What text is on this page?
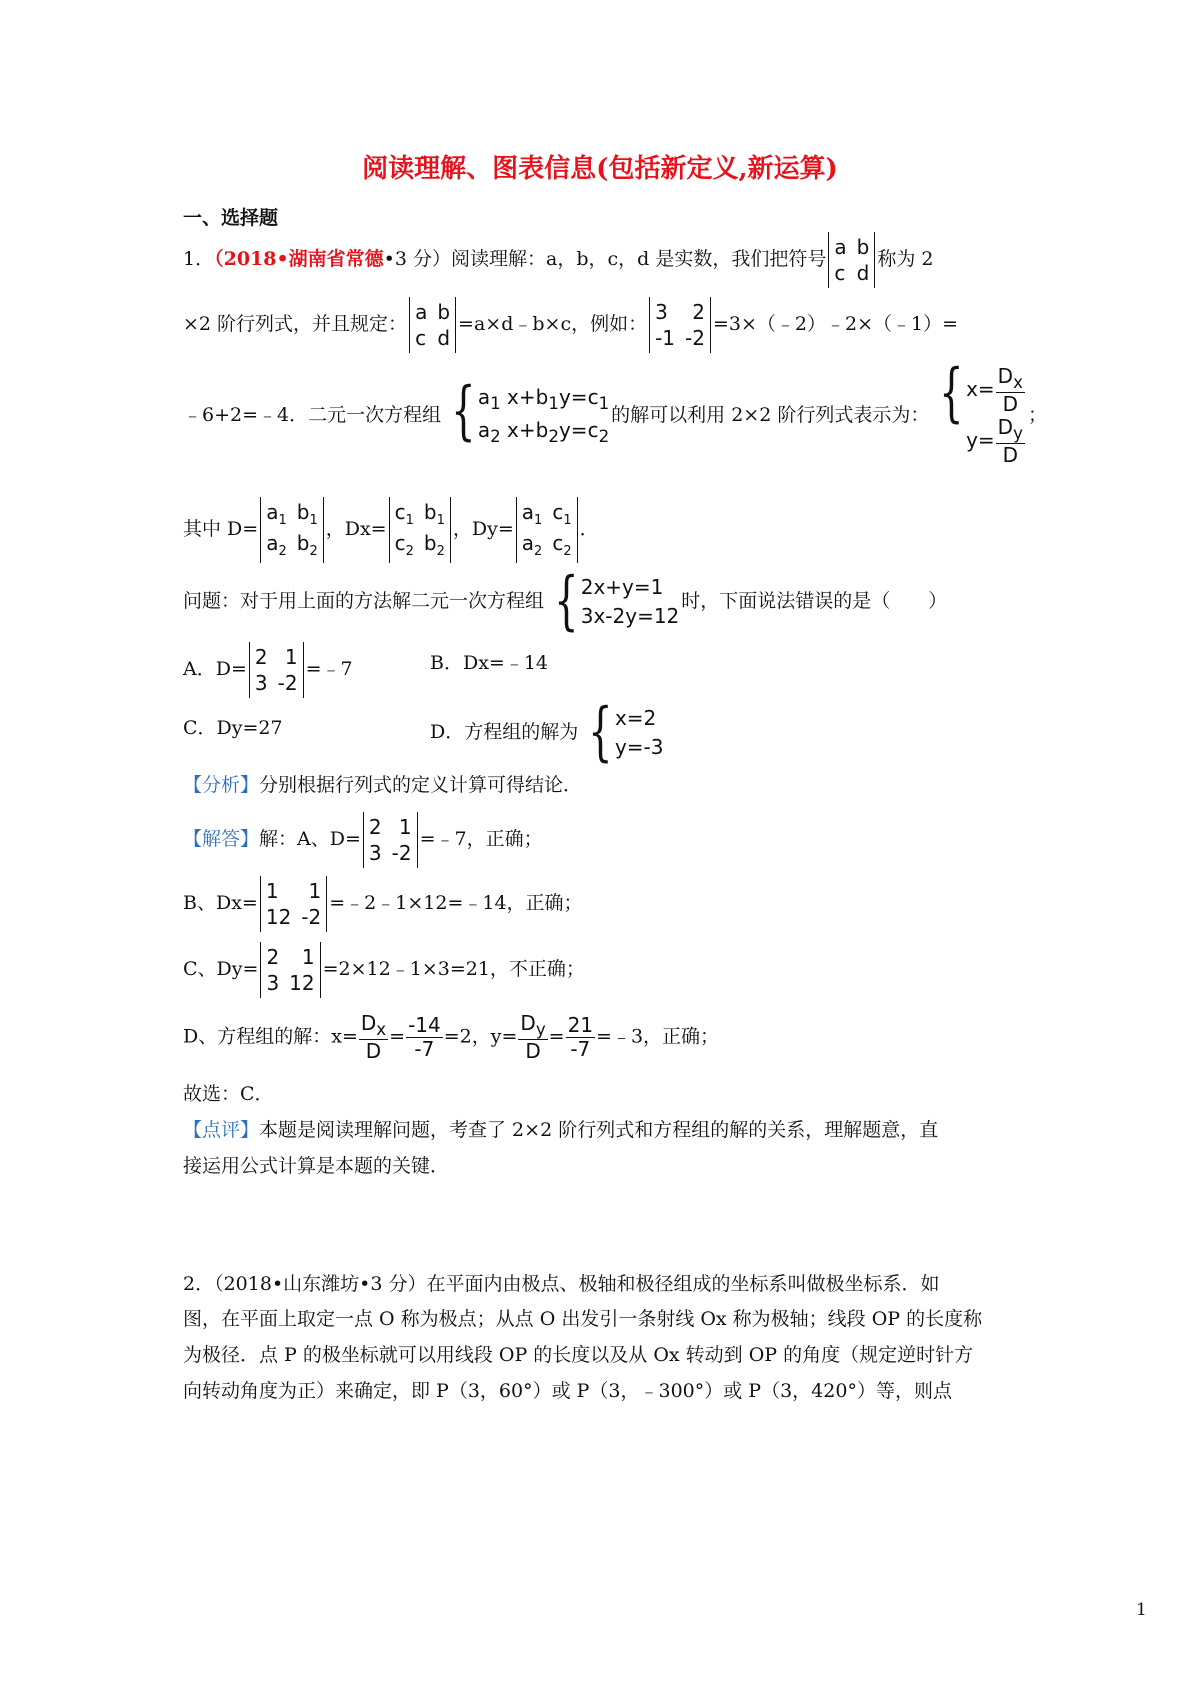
阅读理解、图表信息(包括新定义,新运算)
一、选择题
1．（2018•湖南省常德•3 分）阅读理解：a，b，c，d 是实数，我们把符号 a b
c d
称为 2
×2 阶行列式，并且规定： a b
c d
=a×d﹣b×c，例如： 3 2
-1 -2
=3×（﹣2）﹣2×（﹣1）=
﹣6+2=﹣4．二元一次方程组 { $a_1$ $x+b_1y=c_1$
$a_2$ $x+b_2y=c_2$
的解可以利用 2×2 阶行列式表示为： { $x= \frac{D_x}{D}$
$y= \frac{D_y}{D}$
；
其中 D=
$a_1$ $b_1$
$a_2$ $b_2$
，Dx=
$c_1$ $b_1$
$c_2$ $b_2$
，Dy=
$a_1$ $c_1$
$a_2$ $c_2$
．
问题：对于用上面的方法解二元一次方程组 { 2x+y=1
3x-2y=12
时，下面说法错误的是（　　）
A．D= 2 1
3 -2
=﹣7	B．Dx=﹣14
C．Dy=27	D．方程组的解为 { x=2
y=-3
【分析】分别根据行列式的定义计算可得结论．
【解答】解：A、D= 2 1
3 -2
=﹣7，正确；
B、Dx= 1 1
12 -2
=﹣2﹣1×12=﹣14，正确；
C、Dy= 2 1
3 12
=2×12﹣1×3=21，不正确；
D、方程组的解：$x= \frac{D_x}{D} = \frac{-14}{-7} =2$，$y= \frac{D_y}{D} = \frac{21}{-7}$ =﹣3，正确；
故选：C．
【点评】本题是阅读理解问题，考查了 2×2 阶行列式和方程组的解的关系，理解题意，直
接运用公式计算是本题的关键．
2．（2018•山东潍坊•3 分）在平面内由极点、极轴和极径组成的坐标系叫做极坐标系．如
图，在平面上取定一点 O 称为极点；从点 O 出发引一条射线 Ox 称为极轴；线段 OP 的长度称
为极径．点 P 的极坐标就可以用线段 OP 的长度以及从 Ox 转动到 OP 的角度（规定逆时针方
向转动角度为正）来确定，即 P（3，60°）或 P（3，﹣300°）或 P（3，420°）等，则点
1
